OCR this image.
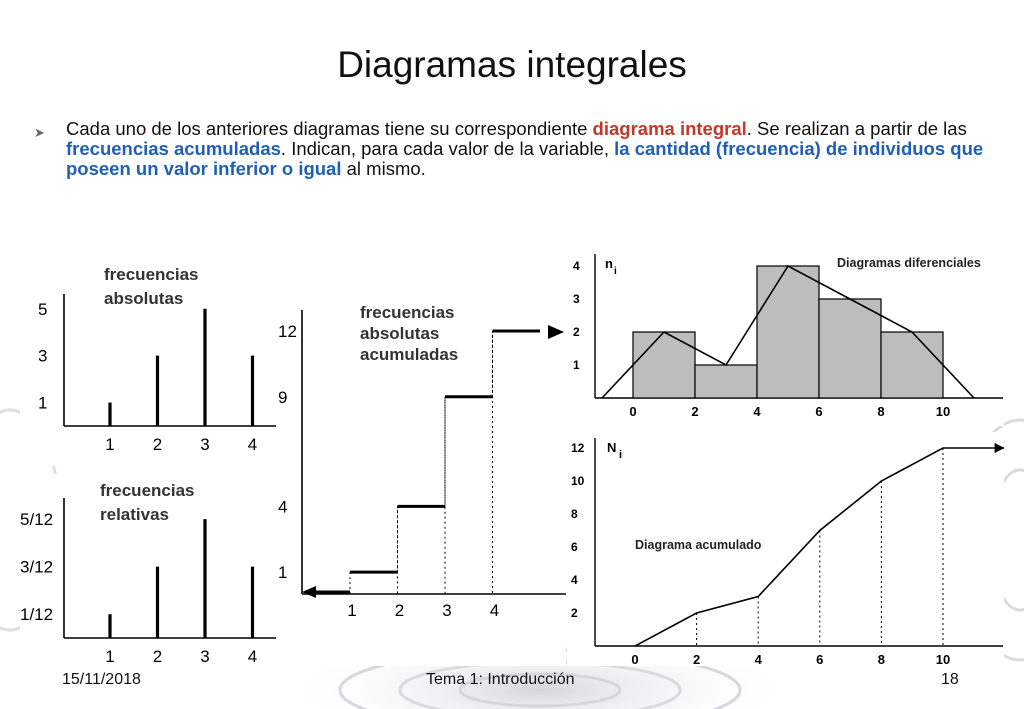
Diagramas integrales
➤ Cada uno de los anteriores diagramas tiene su correspondiente diagrama integral. Se realizan a partir de las frecuencias acumuladas. Indican, para cada valor de la variable, la cantidad (frecuencia) de individuos que poseen un valor inferior o igual al mismo.
1 2 3 4
1
3
5
frecuencias
absolutas
1 2 3 4
1/12
3/12
5/12
frecuencias
relativas
1 2 3 4
1
4
9
12
frecuencias
absolutas
acumuladas
0	2	4	6	8	10
1
2
3
4 n
i
Diagramas diferenciales
0	2	4	6	8	10
2
4
6
8
10
12 N i
Diagrama acumulado
15/11/2018	Tema 1: Introducción	18
